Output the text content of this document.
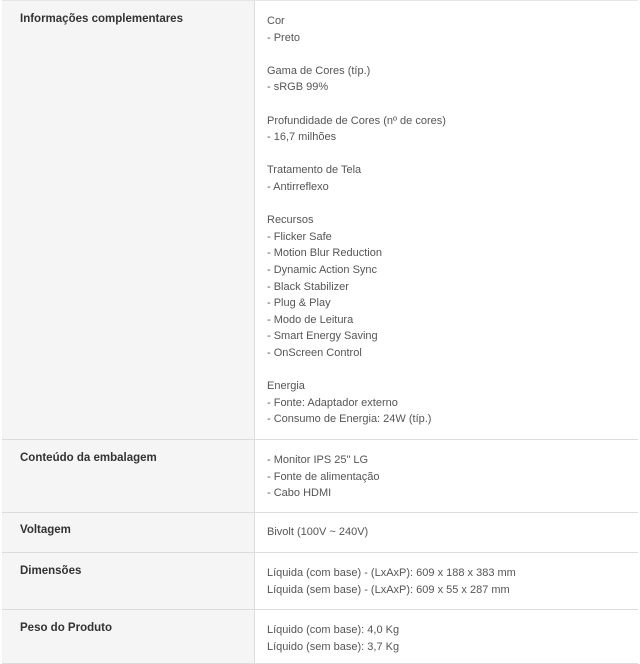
Informações complementares	Cor
- Preto
Gama de Cores (típ.)
- sRGB 99%
Profundidade de Cores (nº de cores)
- 16,7 milhões
Tratamento de Tela
- Antirreflexo
Recursos
- Flicker Safe
- Motion Blur Reduction
- Dynamic Action Sync
- Black Stabilizer
- Plug & Play
- Modo de Leitura
- Smart Energy Saving
- OnScreen Control
Energia
- Fonte: Adaptador externo
- Consumo de Energia: 24W (típ.)
Conteúdo da embalagem	- Monitor IPS 25" LG
- Fonte de alimentação
- Cabo HDMI
Voltagem	Bivolt (100V ~ 240V)
Dimensões	Líquida (com base) - (LxAxP): 609 x 188 x 383 mm
Líquida (sem base) - (LxAxP): 609 x 55 x 287 mm
Peso do Produto	Líquido (com base): 4,0 Kg
Líquido (sem base): 3,7 Kg
